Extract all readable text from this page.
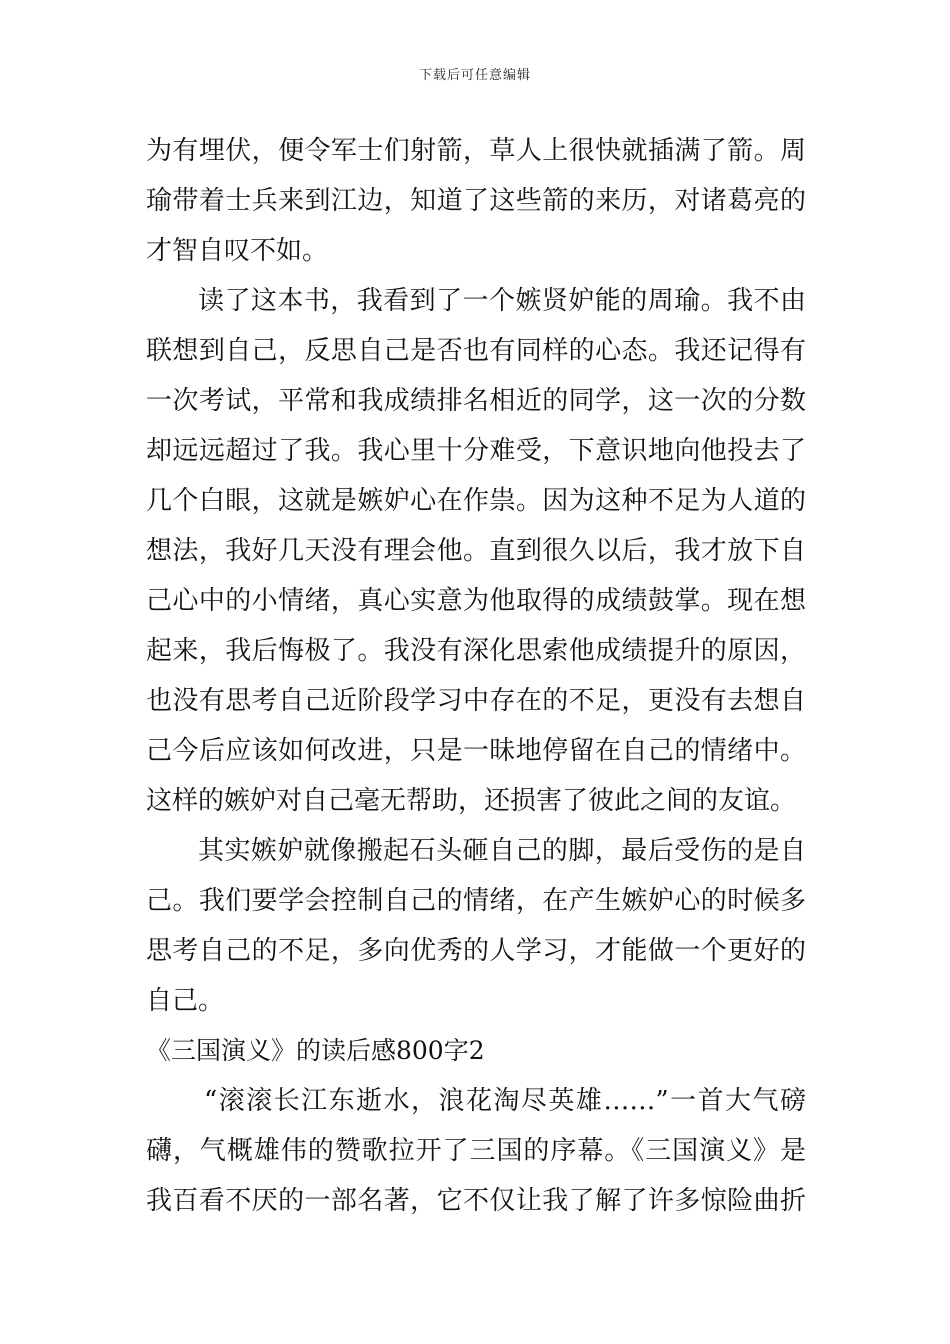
下载后可任意编辑
为有埋伏，便令军士们射箭，草人上很快就插满了箭。周
瑜带着士兵来到江边，知道了这些箭的来历，对诸葛亮的
才智自叹不如。
读了这本书，我看到了一个嫉贤妒能的周瑜。我不由
联想到自己，反思自己是否也有同样的心态。我还记得有
一次考试，平常和我成绩排名相近的同学，这一次的分数
却远远超过了我。我心里十分难受，下意识地向他投去了
几个白眼，这就是嫉妒心在作祟。因为这种不足为人道的
想法，我好几天没有理会他。直到很久以后，我才放下自
己心中的小情绪，真心实意为他取得的成绩鼓掌。现在想
起来，我后悔极了。我没有深化思索他成绩提升的原因，
也没有思考自己近阶段学习中存在的不足，更没有去想自
己今后应该如何改进，只是一昧地停留在自己的情绪中。
这样的嫉妒对自己毫无帮助，还损害了彼此之间的友谊。
其实嫉妒就像搬起石头砸自己的脚，最后受伤的是自
己。我们要学会控制自己的情绪，在产生嫉妒心的时候多
思考自己的不足，多向优秀的人学习，才能做一个更好的
自己。
《三国演义》的读后感800字2
“滚滚长江东逝水，浪花淘尽英雄……”一首大气磅
礴，气概雄伟的赞歌拉开了三国的序幕。《三国演义》是
我百看不厌的一部名著，它不仅让我了解了许多惊险曲折
